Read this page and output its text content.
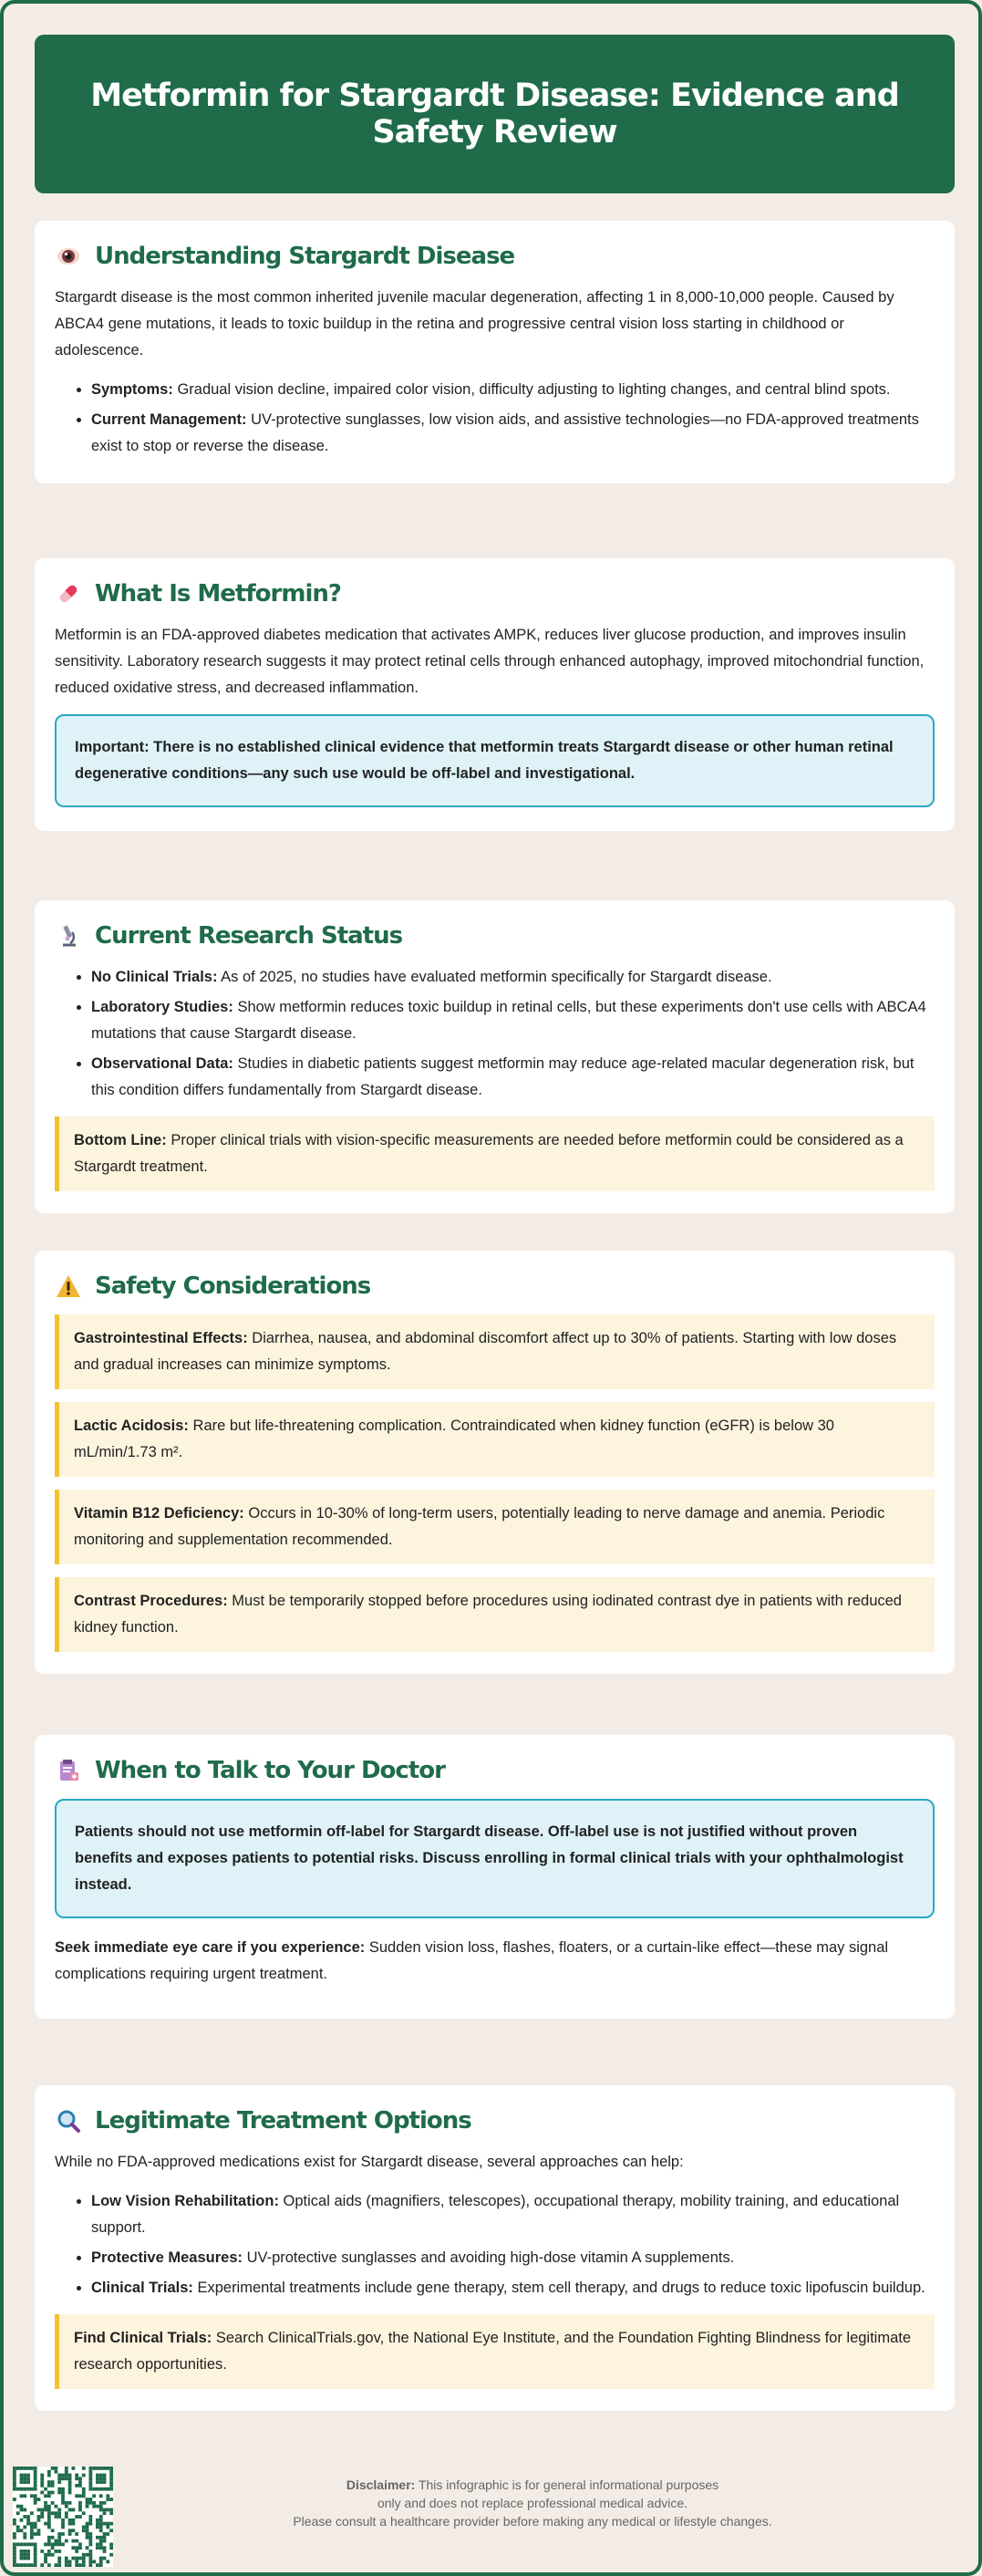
Metformin for Stargardt Disease: Evidence and Safety Review
Understanding Stargardt Disease

Stargardt disease is the most common inherited juvenile macular degeneration, affecting 1 in 8,000-10,000 people. Caused by ABCA4 gene mutations, it leads to toxic buildup in the retina and progressive central vision loss starting in childhood or adolescence.

• Symptoms: Gradual vision decline, impaired color vision, difficulty adjusting to lighting changes, and central blind spots.
• Current Management: UV-protective sunglasses, low vision aids, and assistive technologies—no FDA-approved treatments exist to stop or reverse the disease.
What Is Metformin?

Metformin is an FDA-approved diabetes medication that activates AMPK, reduces liver glucose production, and improves insulin sensitivity. Laboratory research suggests it may protect retinal cells through enhanced autophagy, improved mitochondrial function, reduced oxidative stress, and decreased inflammation.

Important: There is no established clinical evidence that metformin treats Stargardt disease or other human retinal degenerative conditions—any such use would be off-label and investigational.

Current Research Status
• No Clinical Trials: As of 2025, no studies have evaluated metformin specifically for Stargardt disease.
• Laboratory Studies: Show metformin reduces toxic buildup in retinal cells, but these experiments don't use cells with ABCA4 mutations that cause Stargardt disease.
• Observational Data: Studies in diabetic patients suggest metformin may reduce age-related macular degeneration risk, but this condition differs fundamentally from Stargardt disease.

Bottom Line: Proper clinical trials with vision-specific measurements are needed before metformin could be considered as a Stargardt treatment.

Safety Considerations

Gastrointestinal Effects: Diarrhea, nausea, and abdominal discomfort affect up to 30% of patients. Starting with low doses and gradual increases can minimize symptoms.

Lactic Acidosis: Rare but life-threatening complication. Contraindicated when kidney function (eGFR) is below 30 mL/min/1.73 m².

Vitamin B12 Deficiency: Occurs in 10-30% of long-term users, potentially leading to nerve damage and anemia. Periodic monitoring and supplementation recommended.

Contrast Procedures: Must be temporarily stopped before procedures using iodinated contrast dye in patients with reduced kidney function.

When to Talk to Your Doctor

Patients should not use metformin off-label for Stargardt disease. Off-label use is not justified without proven benefits and exposes patients to potential risks. Discuss enrolling in formal clinical trials with your ophthalmologist instead.

Seek immediate eye care if you experience: Sudden vision loss, flashes, floaters, or a curtain-like effect—these may signal complications requiring urgent treatment.

Legitimate Treatment Options

While no FDA-approved medications exist for Stargardt disease, several approaches can help:

• Low Vision Rehabilitation: Optical aids (magnifiers, telescopes), occupational therapy, mobility training, and educational support.
• Protective Measures: UV-protective sunglasses and avoiding high-dose vitamin A supplements.
• Clinical Trials: Experimental treatments include gene therapy, stem cell therapy, and drugs to reduce toxic lipofuscin buildup.

Find Clinical Trials: Search ClinicalTrials.gov, the National Eye Institute, and the Foundation Fighting Blindness for legitimate research opportunities.

Disclaimer: This infographic is for general informational purposes
only and does not replace professional medical advice.
Please consult a healthcare provider before making any medical or lifestyle changes.
